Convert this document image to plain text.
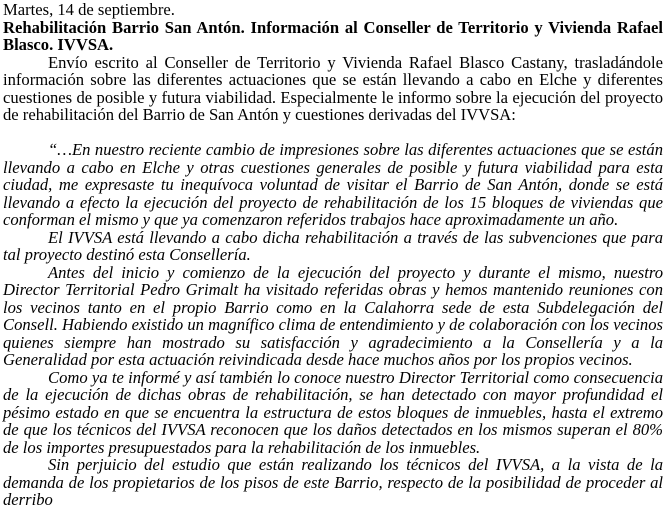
Martes, 14 de septiembre.

Rehabilitación Barrio San Antón. Información al Conseller de Territorio y Vivienda Rafael Blasco. IVVSA.

Envío escrito al Conseller de Territorio y Vivienda Rafael Blasco Castany, trasladándole información sobre las diferentes actuaciones que se están llevando a cabo en Elche y diferentes cuestiones de posible y futura viabilidad. Especialmente le informo sobre la ejecución del proyecto de rehabilitación del Barrio de San Antón y cuestiones derivadas del IVVSA:

“…En nuestro reciente cambio de impresiones sobre las diferentes actuaciones que se están llevando a cabo en Elche y otras cuestiones generales de posible y futura viabilidad para esta ciudad, me expresaste tu inequívoca voluntad de visitar el Barrio de San Antón, donde se está llevando a efecto la ejecución del proyecto de rehabilitación de los 15 bloques de viviendas que conforman el mismo y que ya comenzaron referidos trabajos hace aproximadamente un año.

El IVVSA está llevando a cabo dicha rehabilitación a través de las subvenciones que para tal proyecto destinó esta Consellería.

Antes del inicio y comienzo de la ejecución del proyecto y durante el mismo, nuestro Director Territorial Pedro Grimalt ha visitado referidas obras y hemos mantenido reuniones con los vecinos tanto en el propio Barrio como en la Calahorra sede de esta Subdelegación del Consell. Habiendo existido un magnífico clima de entendimiento y de colaboración con los vecinos quienes siempre han mostrado su satisfacción y agradecimiento a la Consellería y a la Generalidad por esta actuación reivindicada desde hace muchos años por los propios vecinos.

Como ya te informé y así también lo conoce nuestro Director Territorial como consecuencia de la ejecución de dichas obras de rehabilitación, se han detectado con mayor profundidad el pésimo estado en que se encuentra la estructura de estos bloques de inmuebles, hasta el extremo de que los técnicos del IVVSA reconocen que los daños detectados en los mismos superan el 80% de los importes presupuestados para la rehabilitación de los inmuebles.

Sin perjuicio del estudio que están realizando los técnicos del IVVSA, a la vista de la demanda de los propietarios de los pisos de este Barrio, respecto de la posibilidad de proceder al derribo
